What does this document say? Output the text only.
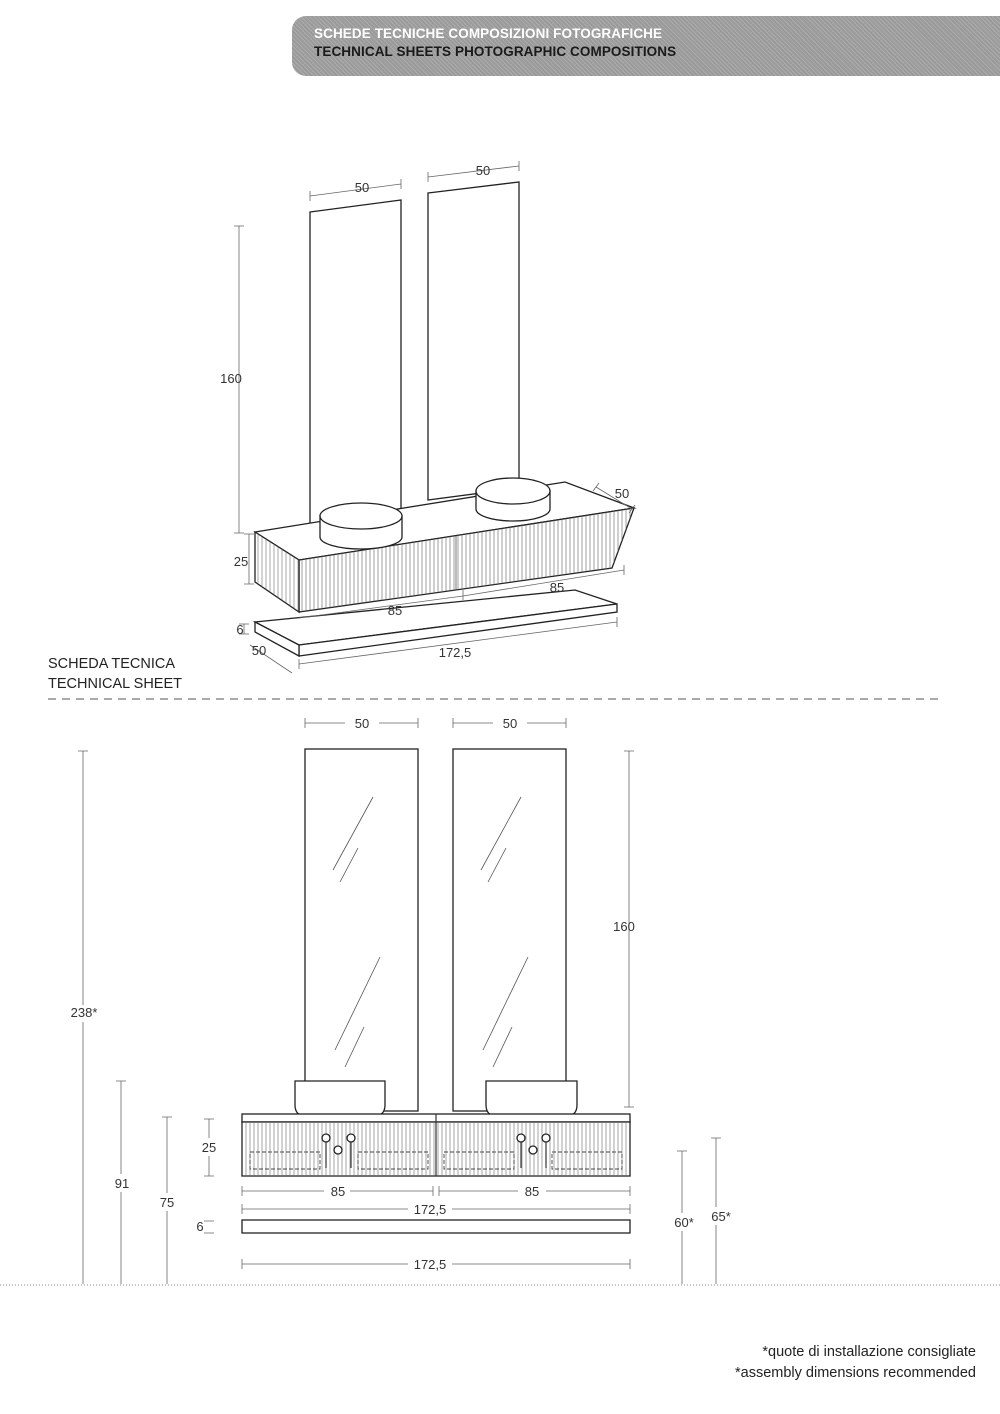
SCHEDE TECNICHE COMPOSIZIONI FOTOGRAFICHE
TECHNICAL SHEETS PHOTOGRAPHIC COMPOSITIONS
SCHEDA TECNICA
TECHNICAL SHEET
*quote di installazione consigliate
*assembly dimensions recommended
50
50
160
50
25
85
85
6
50	172,5
50	50
160
238*
91
75
25
85	85
172,5
6
172,5
60* 65*
